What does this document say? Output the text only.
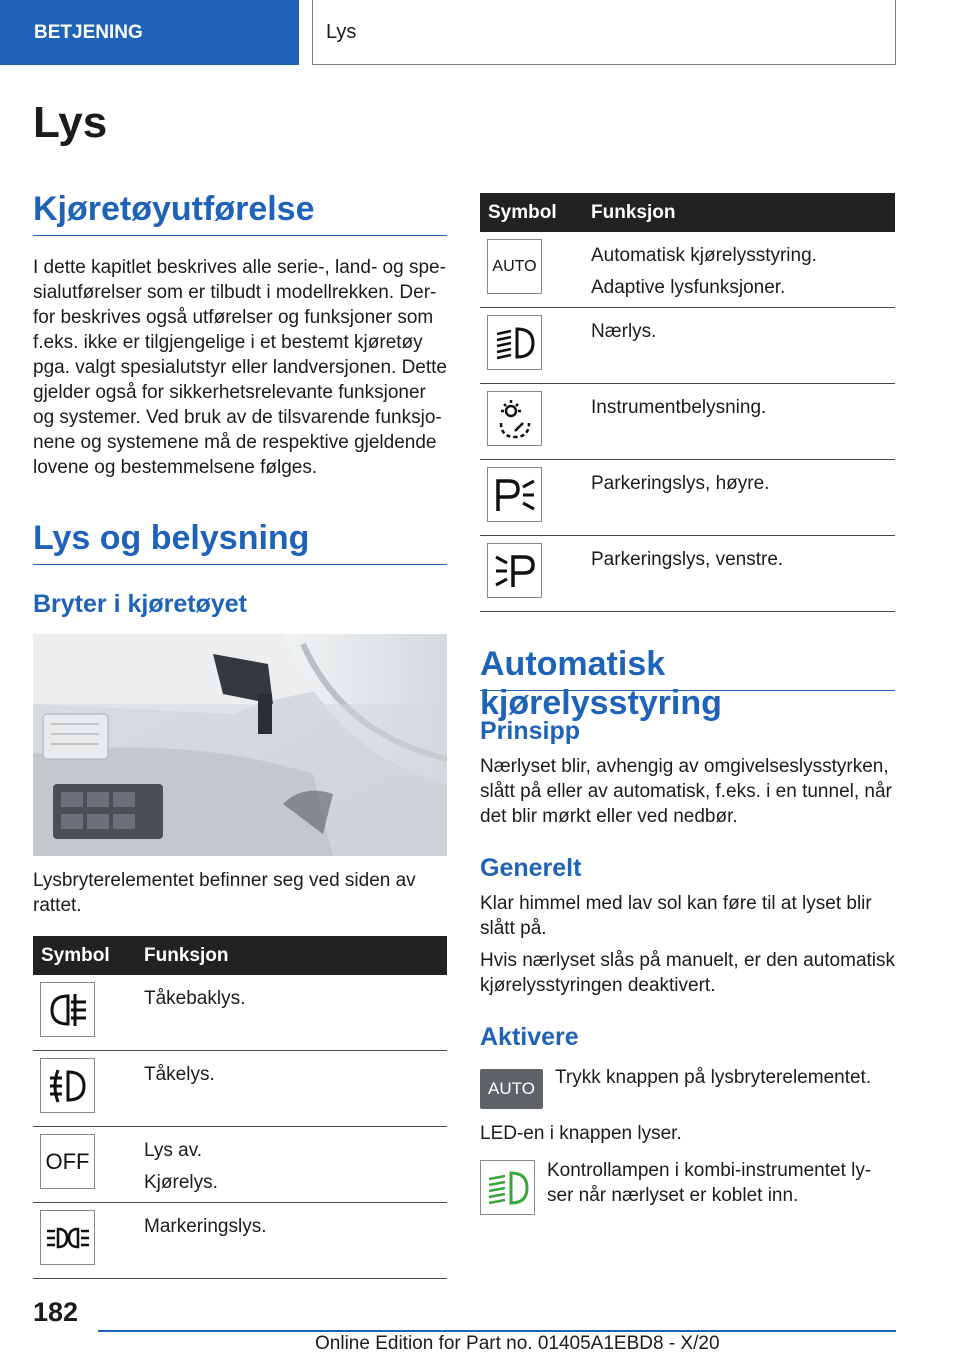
BETJENING	Lys
Lys
Kjøretøyutførelse
I dette kapitlet beskrives alle serie-, land- og spe-
sialutførelser som er tilbudt i modellrekken. Der-
for beskrives også utførelser og funksjoner som
f.eks. ikke er tilgjengelige i et bestemt kjøretøy
pga. valgt spesialutstyr eller landversjonen. Dette
gjelder også for sikkerhetsrelevante funksjoner
og systemer. Ved bruk av de tilsvarende funksjo-
nene og systemene må de respektive gjeldende
lovene og bestemmelsene følges.
Lys og belysning
Bryter i kjøretøyet
Lysbryterelementet befinner seg ved siden av
rattet.
Symbol	Funksjon
Tåkebaklys.
Tåkelys.
OFF	Lys av.
Kjørelys.
Markeringslys.
Symbol	Funksjon
AUTO	Automatisk kjørelysstyring.
Adaptive lysfunksjoner.
Nærlys.
Instrumentbelysning.
Parkeringslys, høyre.
Parkeringslys, venstre.
Automatisk kjørelysstyring
Prinsipp
Nærlyset blir, avhengig av omgivelseslysstyrken,
slått på eller av automatisk, f.eks. i en tunnel, når
det blir mørkt eller ved nedbør.
Generelt
Klar himmel med lav sol kan føre til at lyset blir
slått på.
Hvis nærlyset slås på manuelt, er den automatisk
kjørelysstyringen deaktivert.
Aktivere
AUTO
Trykk knappen på lysbryterelementet.
LED-en i knappen lyser.
Kontrollampen i kombi-instrumentet ly-
ser når nærlyset er koblet inn.
182
Online Edition for Part no. 01405A1EBD8 - X/20
